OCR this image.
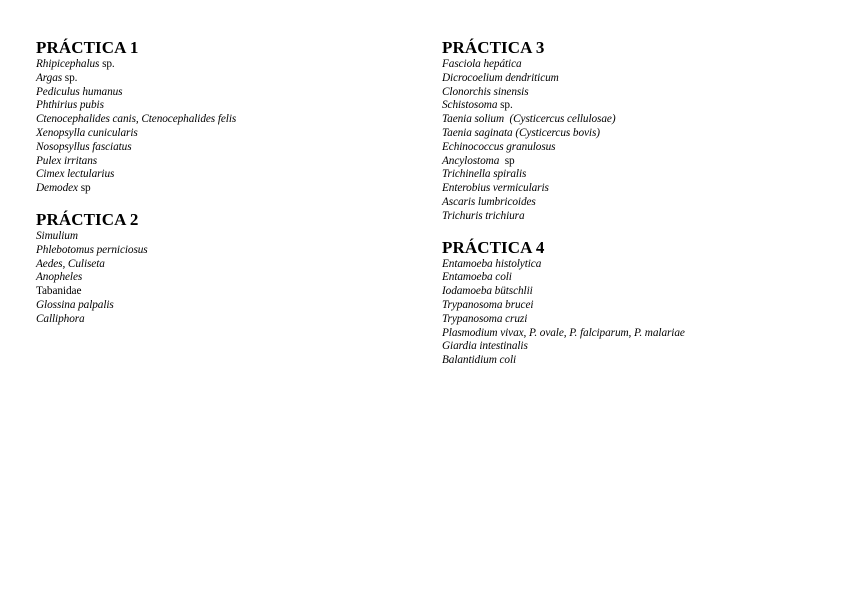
PRÁCTICA 1
Rhipicephalus sp.
Argas sp.
Pediculus humanus
Phthirius pubis
Ctenocephalides canis, Ctenocephalides felis
Xenopsylla cunicularis
Nosopsyllus fasciatus
Pulex irritans
Cimex lectularius
Demodex sp
PRÁCTICA 2
Simulium
Phlebotomus perniciosus
Aedes, Culiseta
Anopheles
Tabanidae
Glossina palpalis
Calliphora
PRÁCTICA 3
Fasciola hepática
Dicrocoelium dendriticum
Clonorchis sinensis
Schistosoma sp.
Taenia solium  (Cysticercus cellulosae)
Taenia saginata (Cysticercus bovis)
Echinococcus granulosus
Ancylostoma  sp
Trichinella spiralis
Enterobius vermicularis
Ascaris lumbricoides
Trichuris trichiura
PRÁCTICA 4
Entamoeba histolytica
Entamoeba coli
Iodamoeba bütschlii
Trypanosoma brucei
Trypanosoma cruzi
Plasmodium vivax, P. ovale, P. falciparum, P. malariae
Giardia intestinalis
Balantidium coli
